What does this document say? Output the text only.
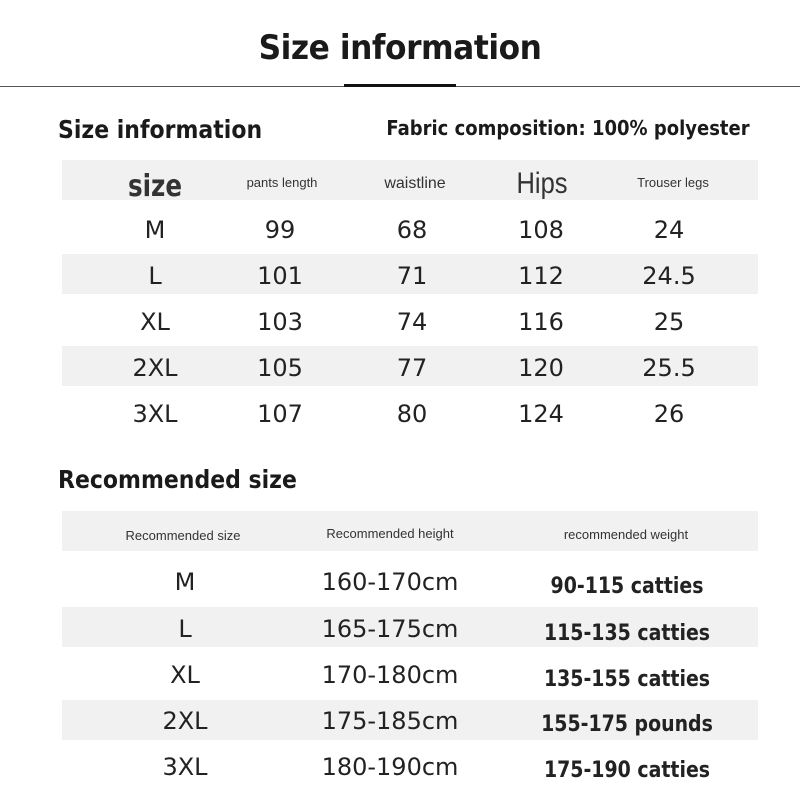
Size information
Size information	Fabric composition: 100% polyester
size	pants length	waistline	Hips	Trouser legs
M	99	68	108	24
L	101	71	112	24.5
XL	103	74	116	25
2XL	105	77	120	25.5
3XL	107	80	124	26
Recommended size
Recommended size	Recommended height	recommended weight
M	160-170cm	90-115 catties
L	165-175cm	115-135 catties
XL	170-180cm	135-155 catties
2XL	175-185cm	155-175 pounds
3XL	180-190cm	175-190 catties
